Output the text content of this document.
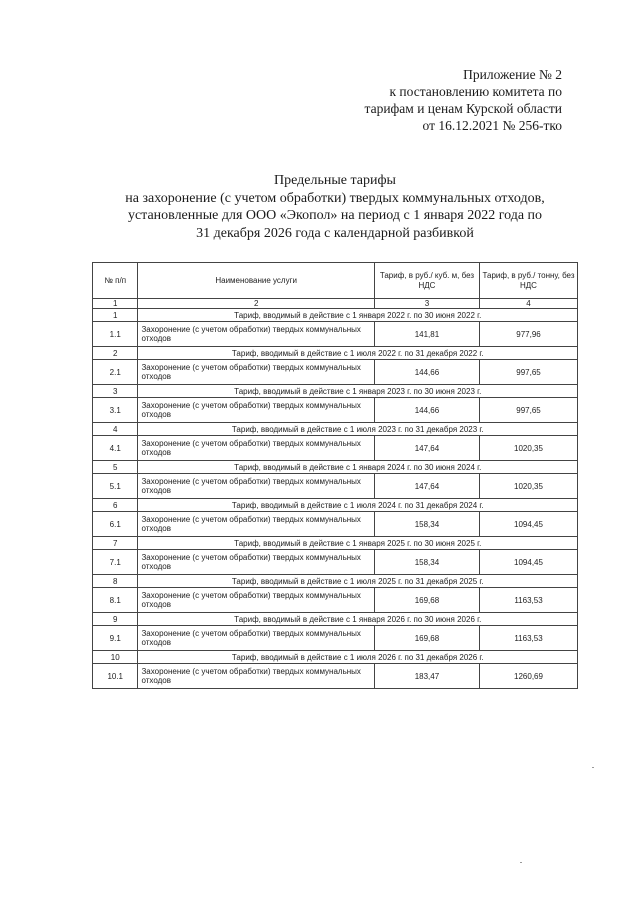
Приложение № 2
к постановлению комитета по
тарифам и ценам Курской области
от 16.12.2021 № 256-тко
Предельные тарифы
на захоронение (с учетом обработки) твердых коммунальных отходов,
установленные для ООО «Экопол» на период с 1 января 2022 года по
31 декабря 2026 года с календарной разбивкой
№ п/п	Наименование услуги	Тариф, в руб./ куб. м, без НДС	Тариф, в руб./ тонну, без НДС
1	2	3	4
1	Тариф, вводимый в действие с 1 января 2022 г. по 30 июня 2022 г.		
1.1	Захоронение (с учетом обработки) твердых коммунальных отходов	141,81	977,96
2	Тариф, вводимый в действие с 1 июля 2022 г. по 31 декабря 2022 г.		
2.1	Захоронение (с учетом обработки) твердых коммунальных отходов	144,66	997,65
3	Тариф, вводимый в действие с 1 января 2023 г. по 30 июня 2023 г.		
3.1	Захоронение (с учетом обработки) твердых коммунальных отходов	144,66	997,65
4	Тариф, вводимый в действие с 1 июля 2023 г. по 31 декабря 2023 г.		
4.1	Захоронение (с учетом обработки) твердых коммунальных отходов	147,64	1020,35
5	Тариф, вводимый в действие с 1 января 2024 г. по 30 июня 2024 г.		
5.1	Захоронение (с учетом обработки) твердых коммунальных отходов	147,64	1020,35
6	Тариф, вводимый в действие с 1 июля 2024 г. по 31 декабря 2024 г.		
6.1	Захоронение (с учетом обработки) твердых коммунальных отходов	158,34	1094,45
7	Тариф, вводимый в действие с 1 января 2025 г. по 30 июня 2025 г.		
7.1	Захоронение (с учетом обработки) твердых коммунальных отходов	158,34	1094,45
8	Тариф, вводимый в действие с 1 июля 2025 г. по 31 декабря 2025 г.		
8.1	Захоронение (с учетом обработки) твердых коммунальных отходов	169,68	1163,53
9	Тариф, вводимый в действие с 1 января 2026 г. по 30 июня 2026 г.		
9.1	Захоронение (с учетом обработки) твердых коммунальных отходов	169,68	1163,53
10	Тариф, вводимый в действие с 1 июля 2026 г. по 31 декабря 2026 г.		
10.1	Захоронение (с учетом обработки) твердых коммунальных отходов	183,47	1260,69
